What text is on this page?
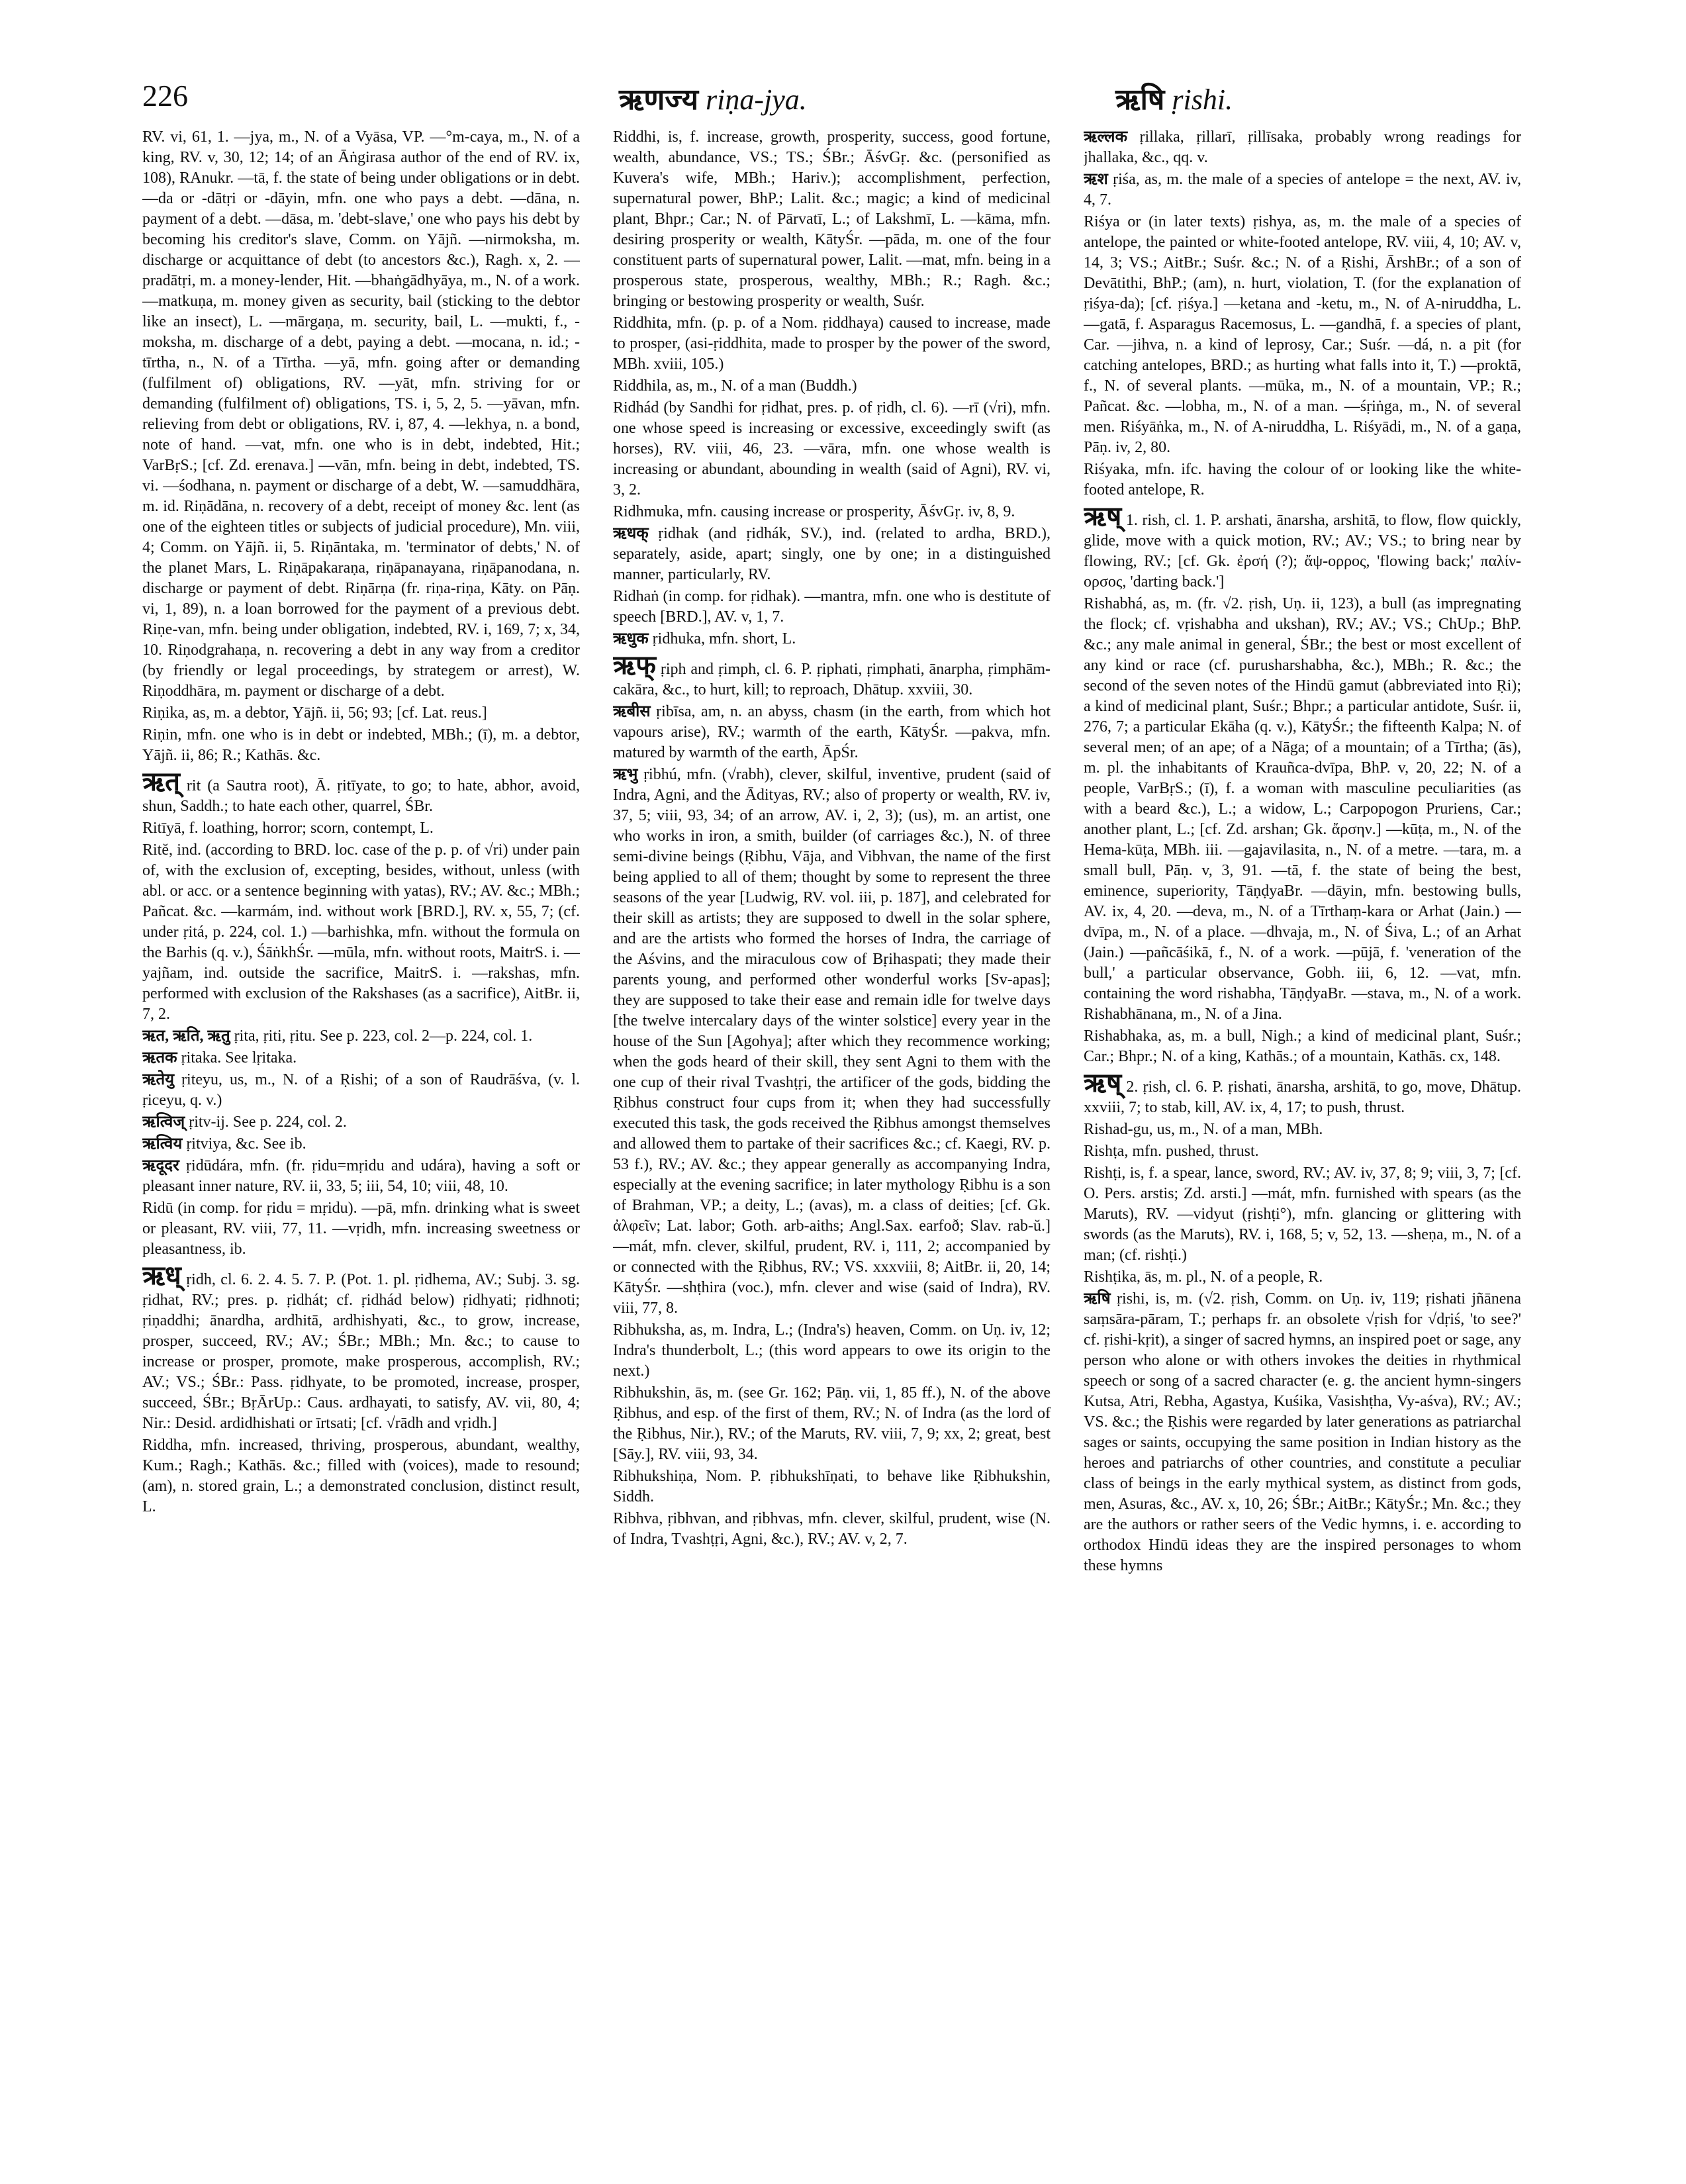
226	ऋणज्य riṇa-jya.	ऋषि ṛishi.

RV. vi, 61, 1. —jya, m., N. of a Vyāsa, VP. —°m-caya, m., N. of a king, RV. v, 30, 12; 14; of an Āṅgirasa author of the end of RV. ix, 108), RAnukr. —tā, f. the state of being under obligations or in debt. —da or -dātṛi or -dāyin, mfn. one who pays a debt. —dāna, n. payment of a debt. —dāsa, m. 'debt-slave,' one who pays his debt by becoming his creditor's slave, Comm. on Yājñ. —nirmoksha, m. discharge or acquittance of debt (to ancestors &c.), Ragh. x, 2. —pradātṛi, m. a money-lender, Hit. —bhaṅgādhyāya, m., N. of a work. —matkuṇa, m. money given as security, bail (sticking to the debtor like an insect), L. —mārgaṇa, m. security, bail, L. —mukti, f., -moksha, m. discharge of a debt, paying a debt. —mocana, n. id.; -tīrtha, n., N. of a Tīrtha. —yā, mfn. going after or demanding (fulfilment of) obligations, RV. —yāt, mfn. striving for or demanding (fulfilment of) obligations, TS. i, 5, 2, 5. —yāvan, mfn. relieving from debt or obligations, RV. i, 87, 4. —lekhya, n. a bond, note of hand. —vat, mfn. one who is in debt, indebted, Hit.; VarBṛS.; [cf. Zd. erenava.] —vān, mfn. being in debt, indebted, TS. vi. —śodhana, n. payment or discharge of a debt, W. —samuddhāra, m. id. Riṇādāna, n. recovery of a debt, receipt of money &c. lent (as one of the eighteen titles or subjects of judicial procedure), Mn. viii, 4; Comm. on Yājñ. ii, 5. Riṇāntaka, m. 'terminator of debts,' N. of the planet Mars, L. Riṇāpakaraṇa, riṇāpanayana, riṇāpanodana, n. discharge or payment of debt. Riṇārṇa (fr. riṇa-riṇa, Kāty. on Pāṇ. vi, 1, 89), n. a loan borrowed for the payment of a previous debt. Riṇe-van, mfn. being under obligation, indebted, RV. i, 169, 7; x, 34, 10. Riṇodgrahaṇa, n. recovering a debt in any way from a creditor (by friendly or legal proceedings, by strategem or arrest), W. Riṇoddhāra, m. payment or discharge of a debt.

Riṇika, as, m. a debtor, Yājñ. ii, 56; 93; [cf. Lat. reus.]

Riṇin, mfn. one who is in debt or indebted, MBh.; (ī), m. a debtor, Yājñ. ii, 86; R.; Kathās. &c.

ऋत् rit (a Sautra root), Ā. ṛitīyate, to go; to hate, abhor, avoid, shun, Saddh.; to hate each other, quarrel, ŚBr.

Ritīyā, f. loathing, horror; scorn, contempt, L.

Ritĕ, ind. (according to BRD. loc. case of the p. p. of √ri) under pain of, with the exclusion of, excepting, besides, without, unless (with abl. or acc. or a sentence beginning with yatas), RV.; AV. &c.; MBh.; Pañcat. &c. —karmám, ind. without work [BRD.], RV. x, 55, 7; (cf. under ṛitá, p. 224, col. 1.) —barhishka, mfn. without the formula on the Barhis (q. v.), ŚāṅkhŚr. —mūla, mfn. without roots, MaitrS. i. —yajñam, ind. outside the sacrifice, MaitrS. i. —rakshas, mfn. performed with exclusion of the Rakshases (as a sacrifice), AitBr. ii, 7, 2.

ऋत, ऋति, ऋतु ṛita, ṛiti, ṛitu. See p. 223, col. 2—p. 224, col. 1.

ऋतक ṛitaka. See lṛitaka.

ऋतेयु ṛiteyu, us, m., N. of a Ṛishi; of a son of Raudrāśva, (v. l. ṛiceyu, q. v.)

ऋत्विज् ṛitv-ij. See p. 224, col. 2.

ऋत्विय ṛitviya, &c. See ib.

ऋदूदर ṛidūdára, mfn. (fr. ṛidu=mṛidu and udára), having a soft or pleasant inner nature, RV. ii, 33, 5; iii, 54, 10; viii, 48, 10.

Ridū (in comp. for ṛidu = mṛidu). —pā, mfn. drinking what is sweet or pleasant, RV. viii, 77, 11. —vṛidh, mfn. increasing sweetness or pleasantness, ib.

ऋध् ṛidh, cl. 6. 2. 4. 5. 7. P. (Pot. 1. pl. ṛidhema, AV.; Subj. 3. sg. ṛidhat, RV.; pres. p. ṛidhát; cf. ṛidhád below) ṛidhyati; ṛidhnoti; ṛiṇaddhi; ānardha, ardhitā, ardhishyati, &c., to grow, increase, prosper, succeed, RV.; AV.; ŚBr.; MBh.; Mn. &c.; to cause to increase or prosper, promote, make prosperous, accomplish, RV.; AV.; VS.; ŚBr.: Pass. ṛidhyate, to be promoted, increase, prosper, succeed, ŚBr.; BṛĀrUp.: Caus. ardhayati, to satisfy, AV. vii, 80, 4; Nir.: Desid. ardidhishati or īrtsati; [cf. √rādh and vṛidh.]

Riddha, mfn. increased, thriving, prosperous, abundant, wealthy, Kum.; Ragh.; Kathās. &c.; filled with (voices), made to resound; (am), n. stored grain, L.; a demonstrated conclusion, distinct result, L.

Riddhi, is, f. increase, growth, prosperity, success, good fortune, wealth, abundance, VS.; TS.; ŚBr.; ĀśvGṛ. &c. (personified as Kuvera's wife, MBh.; Hariv.); accomplishment, perfection, supernatural power, BhP.; Lalit. &c.; magic; a kind of medicinal plant, Bhpr.; Car.; N. of Pārvatī, L.; of Lakshmī, L. —kāma, mfn. desiring prosperity or wealth, KātyŚr. —pāda, m. one of the four constituent parts of supernatural power, Lalit. —mat, mfn. being in a prosperous state, prosperous, wealthy, MBh.; R.; Ragh. &c.; bringing or bestowing prosperity or wealth, Suśr.

Riddhita, mfn. (p. p. of a Nom. ṛiddhaya) caused to increase, made to prosper, (asi-ṛiddhita, made to prosper by the power of the sword, MBh. xviii, 105.)

Riddhila, as, m., N. of a man (Buddh.)

Ridhád (by Sandhi for ṛidhat, pres. p. of ṛidh, cl. 6). —rī (√ri), mfn. one whose speed is increasing or excessive, exceedingly swift (as horses), RV. viii, 46, 23. —vāra, mfn. one whose wealth is increasing or abundant, abounding in wealth (said of Agni), RV. vi, 3, 2.

Ridhmuka, mfn. causing increase or prosperity, ĀśvGṛ. iv, 8, 9.

ऋधक् ṛidhak (and ṛidhák, SV.), ind. (related to ardha, BRD.), separately, aside, apart; singly, one by one; in a distinguished manner, particularly, RV.

Ridhaṅ (in comp. for ṛidhak). —mantra, mfn. one who is destitute of speech [BRD.], AV. v, 1, 7.

ऋधुक ṛidhuka, mfn. short, L.

ऋफ् ṛiph and ṛimph, cl. 6. P. ṛiphati, ṛimphati, ānarpha, ṛimphām-cakāra, &c., to hurt, kill; to reproach, Dhātup. xxviii, 30.

ऋबीस ṛibīsa, am, n. an abyss, chasm (in the earth, from which hot vapours arise), RV.; warmth of the earth, KātyŚr. —pakva, mfn. matured by warmth of the earth, ĀpŚr.

ऋभु ṛibhú, mfn. (√rabh), clever, skilful, inventive, prudent (said of Indra, Agni, and the Ādityas, RV.; also of property or wealth, RV. iv, 37, 5; viii, 93, 34; of an arrow, AV. i, 2, 3); (us), m. an artist, one who works in iron, a smith, builder (of carriages &c.), N. of three semi-divine beings (Ṛibhu, Vāja, and Vibhvan, the name of the first being applied to all of them; thought by some to represent the three seasons of the year [Ludwig, RV. vol. iii, p. 187], and celebrated for their skill as artists; they are supposed to dwell in the solar sphere, and are the artists who formed the horses of Indra, the carriage of the Aśvins, and the miraculous cow of Bṛihaspati; they made their parents young, and performed other wonderful works [Sv-apas]; they are supposed to take their ease and remain idle for twelve days [the twelve intercalary days of the winter solstice] every year in the house of the Sun [Agohya]; after which they recommence working; when the gods heard of their skill, they sent Agni to them with the one cup of their rival Tvashṭṛi, the artificer of the gods, bidding the Ṛibhus construct four cups from it; when they had successfully executed this task, the gods received the Ṛibhus amongst themselves and allowed them to partake of their sacrifices &c.; cf. Kaegi, RV. p. 53 f.), RV.; AV. &c.; they appear generally as accompanying Indra, especially at the evening sacrifice; in later mythology Ṛibhu is a son of Brahman, VP.; a deity, L.; (avas), m. a class of deities; [cf. Gk. ἀλφεῖν; Lat. labor; Goth. arb-aiths; Angl.Sax. earfoð; Slav. rab-ŭ.] —mát, mfn. clever, skilful, prudent, RV. i, 111, 2; accompanied by or connected with the Ṛibhus, RV.; VS. xxxviii, 8; AitBr. ii, 20, 14; KātyŚr. —shṭhira (voc.), mfn. clever and wise (said of Indra), RV. viii, 77, 8.

Ribhuksha, as, m. Indra, L.; (Indra's) heaven, Comm. on Uṇ. iv, 12; Indra's thunderbolt, L.; (this word appears to owe its origin to the next.)

Ribhukshin, ās, m. (see Gr. 162; Pāṇ. vii, 1, 85 ff.), N. of the above Ṛibhus, and esp. of the first of them, RV.; N. of Indra (as the lord of the Ṛibhus, Nir.), RV.; of the Maruts, RV. viii, 7, 9; xx, 2; great, best [Sāy.], RV. viii, 93, 34.

Ribhukshiṇa, Nom. P. ṛibhukshīṇati, to behave like Ṛibhukshin, Siddh.

Ribhva, ṛibhvan, and ṛibhvas, mfn. clever, skilful, prudent, wise (N. of Indra, Tvashṭṛi, Agni, &c.), RV.; AV. v, 2, 7.

ऋल्लक ṛillaka, ṛillarī, ṛillīsaka, probably wrong readings for jhallaka, &c., qq. v.

ऋश ṛiśa, as, m. the male of a species of antelope = the next, AV. iv, 4, 7.

Riśya or (in later texts) ṛishya, as, m. the male of a species of antelope, the painted or white-footed antelope, RV. viii, 4, 10; AV. v, 14, 3; VS.; AitBr.; Suśr. &c.; N. of a Ṛishi, ĀrshBr.; of a son of Devātithi, BhP.; (am), n. hurt, violation, T. (for the explanation of ṛiśya-da); [cf. ṛiśya.] —ketana and -ketu, m., N. of A-niruddha, L. —gatā, f. Asparagus Racemosus, L. —gandhā, f. a species of plant, Car. —jihva, n. a kind of leprosy, Car.; Suśr. —dá, n. a pit (for catching antelopes, BRD.; as hurting what falls into it, T.) —proktā, f., N. of several plants. —mūka, m., N. of a mountain, VP.; R.; Pañcat. &c. —lobha, m., N. of a man. —śṛiṅga, m., N. of several men. Riśyāṅka, m., N. of A-niruddha, L. Riśyādi, m., N. of a gaṇa, Pāṇ. iv, 2, 80.

Riśyaka, mfn. ifc. having the colour of or looking like the white-footed antelope, R.

ऋष् 1. rish, cl. 1. P. arshati, ānarsha, arshitā, to flow, flow quickly, glide, move with a quick motion, RV.; AV.; VS.; to bring near by flowing, RV.; [cf. Gk. ἐρσή (?); ἄψ-oρρος, 'flowing back;' παλίν-ορσος, 'darting back.']

Rishabhá, as, m. (fr. √2. ṛish, Uṇ. ii, 123), a bull (as impregnating the flock; cf. vṛishabha and ukshan), RV.; AV.; VS.; ChUp.; BhP. &c.; any male animal in general, ŚBr.; the best or most excellent of any kind or race (cf. purusharshabha, &c.), MBh.; R. &c.; the second of the seven notes of the Hindū gamut (abbreviated into Ṛi); a kind of medicinal plant, Suśr.; Bhpr.; a particular antidote, Suśr. ii, 276, 7; a particular Ekāha (q. v.), KātyŚr.; the fifteenth Kalpa; N. of several men; of an ape; of a Nāga; of a mountain; of a Tīrtha; (ās), m. pl. the inhabitants of Krauñca-dvīpa, BhP. v, 20, 22; N. of a people, VarBṛS.; (ī), f. a woman with masculine peculiarities (as with a beard &c.), L.; a widow, L.; Carpopogon Pruriens, Car.; another plant, L.; [cf. Zd. arshan; Gk. ἄρσην.] —kūṭa, m., N. of the Hema-kūṭa, MBh. iii. —gajavilasita, n., N. of a metre. —tara, m. a small bull, Pāṇ. v, 3, 91. —tā, f. the state of being the best, eminence, superiority, TāṇḍyaBr. —dāyin, mfn. bestowing bulls, AV. ix, 4, 20. —deva, m., N. of a Tīrthaṃ-kara or Arhat (Jain.) —dvīpa, m., N. of a place. —dhvaja, m., N. of Śiva, L.; of an Arhat (Jain.) —pañcāśikā, f., N. of a work. —pūjā, f. 'veneration of the bull,' a particular observance, Gobh. iii, 6, 12. —vat, mfn. containing the word rishabha, TāṇḍyaBr. —stava, m., N. of a work. Rishabhānana, m., N. of a Jina.

Rishabhaka, as, m. a bull, Nigh.; a kind of medicinal plant, Suśr.; Car.; Bhpr.; N. of a king, Kathās.; of a mountain, Kathās. cx, 148.

ऋष् 2. ṛish, cl. 6. P. ṛishati, ānarsha, arshitā, to go, move, Dhātup. xxviii, 7; to stab, kill, AV. ix, 4, 17; to push, thrust.

Rishad-gu, us, m., N. of a man, MBh.

Rishṭa, mfn. pushed, thrust.

Rishṭi, is, f. a spear, lance, sword, RV.; AV. iv, 37, 8; 9; viii, 3, 7; [cf. O. Pers. arstis; Zd. arsti.] —mát, mfn. furnished with spears (as the Maruts), RV. —vidyut (ṛishṭi°), mfn. glancing or glittering with swords (as the Maruts), RV. i, 168, 5; v, 52, 13. —sheṇa, m., N. of a man; (cf. rishṭi.)

Rishṭika, ās, m. pl., N. of a people, R.

ऋषि ṛishi, is, m. (√2. ṛish, Comm. on Uṇ. iv, 119; ṛishati jñānena saṃsāra-pāram, T.; perhaps fr. an obsolete √ṛish for √dṛiś, 'to see?' cf. ṛishi-kṛit), a singer of sacred hymns, an inspired poet or sage, any person who alone or with others invokes the deities in rhythmical speech or song of a sacred character (e. g. the ancient hymn-singers Kutsa, Atri, Rebha, Agastya, Kuśika, Vasishṭha, Vy-aśva), RV.; AV.; VS. &c.; the Ṛishis were regarded by later generations as patriarchal sages or saints, occupying the same position in Indian history as the heroes and patriarchs of other countries, and constitute a peculiar class of beings in the early mythical system, as distinct from gods, men, Asuras, &c., AV. x, 10, 26; ŚBr.; AitBr.; KātyŚr.; Mn. &c.; they are the authors or rather seers of the Vedic hymns, i. e. according to orthodox Hindū ideas they are the inspired personages to whom these hymns
